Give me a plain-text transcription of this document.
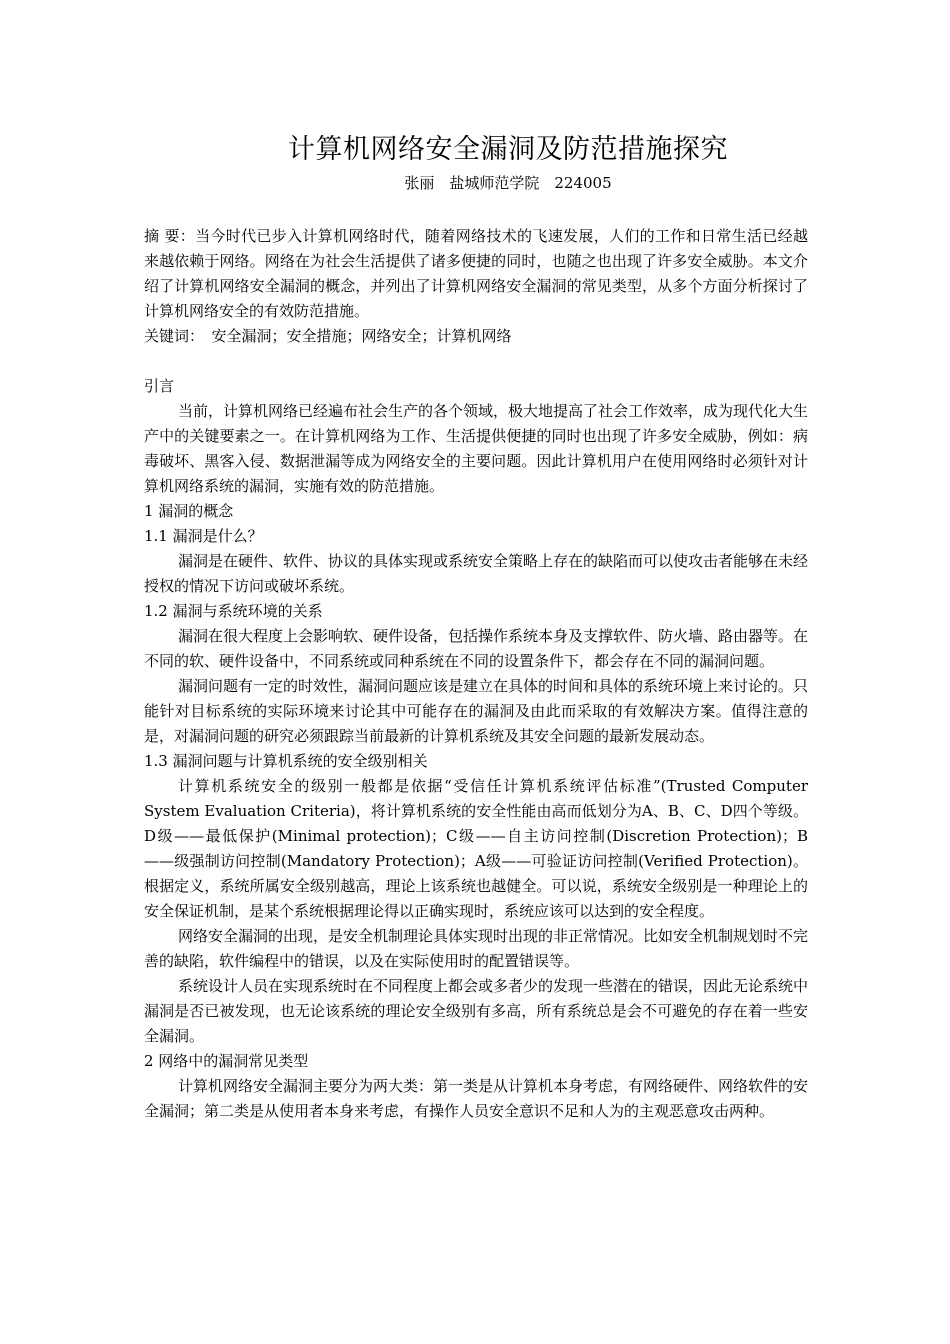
计算机网络安全漏洞及防范措施探究
张丽　盐城师范学院　224005

摘 要：当今时代已步入计算机网络时代，随着网络技术的飞速发展，人们的工作和日常生活已经越来越依赖于网络。网络在为社会生活提供了诸多便捷的同时，也随之也出现了许多安全威胁。本文介绍了计算机网络安全漏洞的概念，并列出了计算机网络安全漏洞的常见类型，从多个方面分析探讨了计算机网络安全的有效防范措施。

关键词：　安全漏洞；安全措施；网络安全；计算机网络

引言

当前，计算机网络已经遍布社会生产的各个领域，极大地提高了社会工作效率，成为现代化大生产中的关键要素之一。在计算机网络为工作、生活提供便捷的同时也出现了许多安全威胁，例如：病毒破坏、黑客入侵、数据泄漏等成为网络安全的主要问题。因此计算机用户在使用网络时必须针对计算机网络系统的漏洞，实施有效的防范措施。

1 漏洞的概念

1.1 漏洞是什么？

漏洞是在硬件、软件、协议的具体实现或系统安全策略上存在的缺陷而可以使攻击者能够在未经授权的情况下访问或破坏系统。

1.2 漏洞与系统环境的关系

漏洞在很大程度上会影响软、硬件设备，包括操作系统本身及支撑软件、防火墙、路由器等。在不同的软、硬件设备中，不同系统或同种系统在不同的设置条件下，都会存在不同的漏洞问题。

漏洞问题有一定的时效性，漏洞问题应该是建立在具体的时间和具体的系统环境上来讨论的。只能针对目标系统的实际环境来讨论其中可能存在的漏洞及由此而采取的有效解决方案。值得注意的是，对漏洞问题的研究必须跟踪当前最新的计算机系统及其安全问题的最新发展动态。

1.3 漏洞问题与计算机系统的安全级别相关

计算机系统安全的级别一般都是依据“受信任计算机系统评估标准”(Trusted Computer System Evaluation Criteria)，将计算机系统的安全性能由高而低划分为A、B、C、D四个等级。D级——最低保护(Minimal protection)；C级——自主访问控制(Discretion Protection)；B——级强制访问控制(Mandatory Protection)；A级——可验证访问控制(Verified Protection)。根据定义，系统所属安全级别越高，理论上该系统也越健全。可以说，系统安全级别是一种理论上的安全保证机制，是某个系统根据理论得以正确实现时，系统应该可以达到的安全程度。

网络安全漏洞的出现，是安全机制理论具体实现时出现的非正常情况。比如安全机制规划时不完善的缺陷，软件编程中的错误，以及在实际使用时的配置错误等。

系统设计人员在实现系统时在不同程度上都会或多者少的发现一些潜在的错误，因此无论系统中漏洞是否已被发现，也无论该系统的理论安全级别有多高，所有系统总是会不可避免的存在着一些安全漏洞。

2 网络中的漏洞常见类型

计算机网络安全漏洞主要分为两大类：第一类是从计算机本身考虑，有网络硬件、网络软件的安全漏洞；第二类是从使用者本身来考虑，有操作人员安全意识不足和人为的主观恶意攻击两种。
